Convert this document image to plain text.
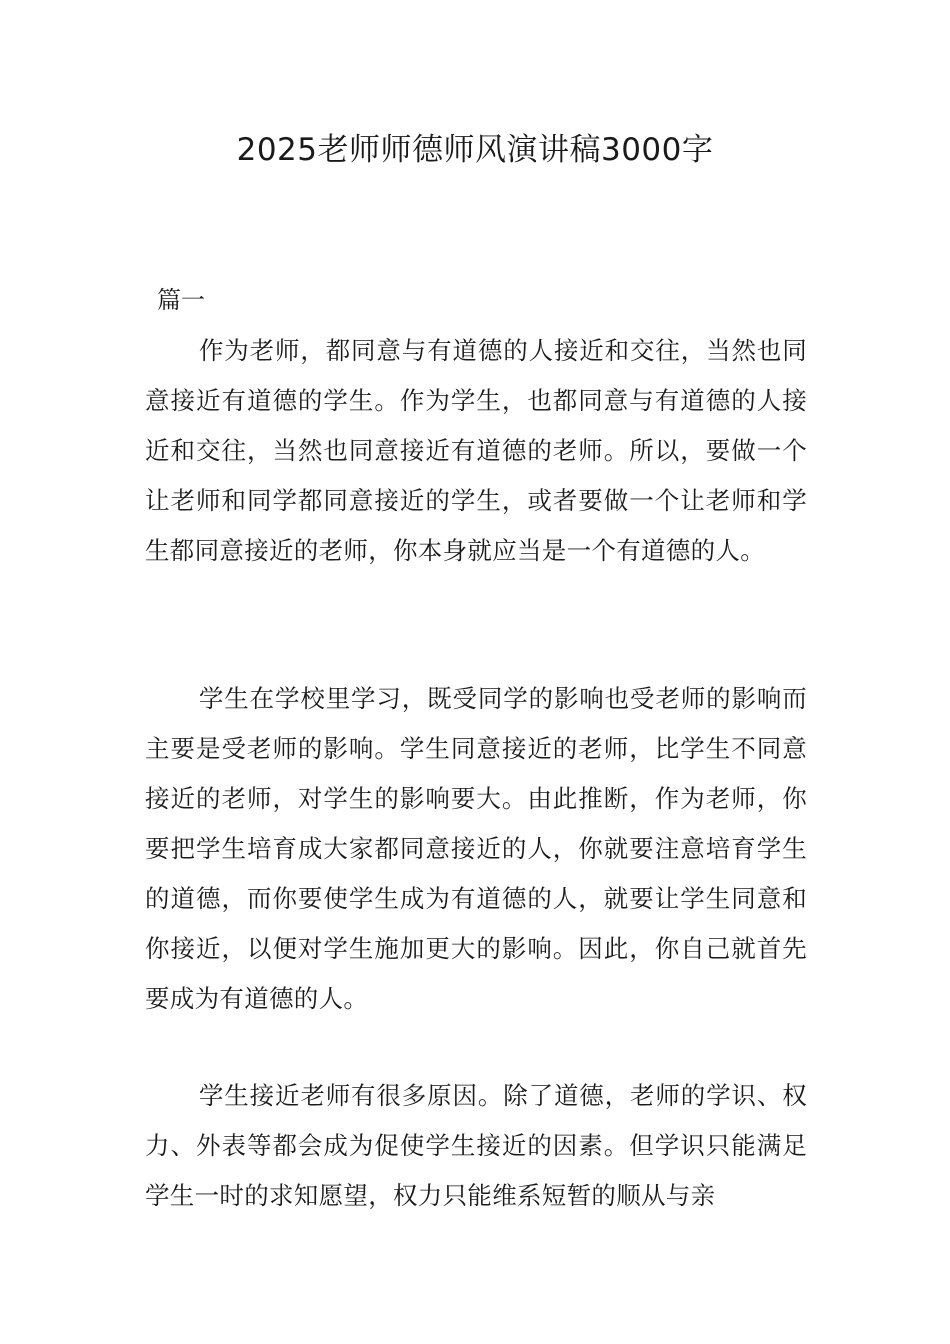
2025老师师德师风演讲稿3000字

篇一

作为老师，都同意与有道德的人接近和交往，当然也同意接近有道德的学生。作为学生，也都同意与有道德的人接近和交往，当然也同意接近有道德的老师。所以，要做一个让老师和同学都同意接近的学生，或者要做一个让老师和学生都同意接近的老师，你本身就应当是一个有道德的人。

学生在学校里学习，既受同学的影响也受老师的影响而主要是受老师的影响。学生同意接近的老师，比学生不同意接近的老师，对学生的影响要大。由此推断，作为老师，你要把学生培育成大家都同意接近的人，你就要注意培育学生的道德，而你要使学生成为有道德的人，就要让学生同意和你接近，以便对学生施加更大的影响。因此，你自己就首先要成为有道德的人。

学生接近老师有很多原因。除了道德，老师的学识、权力、外表等都会成为促使学生接近的因素。但学识只能满足学生一时的求知愿望，权力只能维系短暂的顺从与亲
